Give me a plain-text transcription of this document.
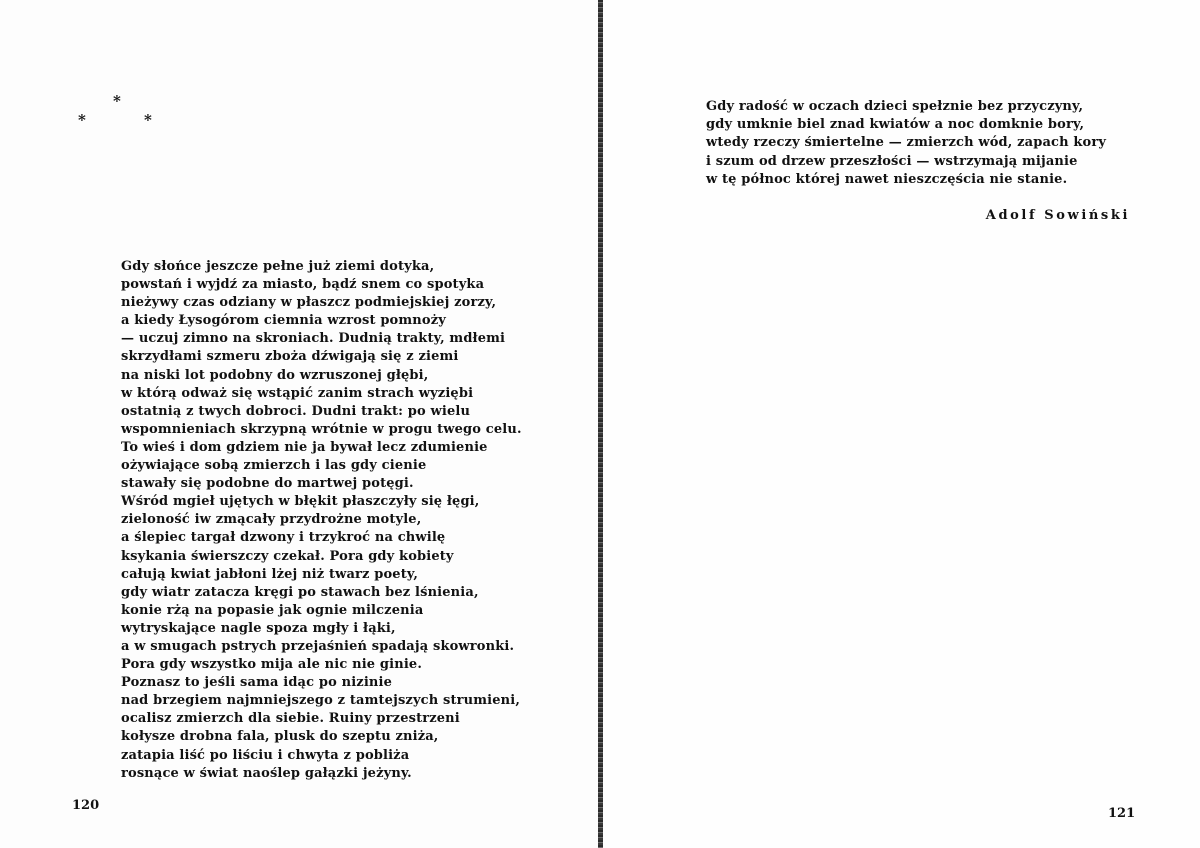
*
*	*
Gdy słońce jeszcze pełne już ziemi dotyka,
powstań i wyjdź za miasto, bądź snem co spotyka
nieżywy czas odziany w płaszcz podmiejskiej zorzy,
a kiedy Łysogórom ciemnia wzrost pomnoży
— uczuj zimno na skroniach. Dudnią trakty, mdłemi
skrzydłami szmeru zboża dźwigają się z ziemi
na niski lot podobny do wzruszonej głębi,
w którą odważ się wstąpić zanim strach wyziębi
ostatnią z twych dobroci. Dudni trakt: po wielu
wspomnieniach skrzypną wrótnie w progu twego celu.
To wieś i dom gdziem nie ja bywał lecz zdumienie
ożywiające sobą zmierzch i las gdy cienie
stawały się podobne do martwej potęgi.
Wśród mgieł ujętych w błękit płaszczyły się łęgi,
zieloność iw zmącały przydrożne motyle,
a ślepiec targał dzwony i trzykroć na chwilę
ksykania świerszczy czekał. Pora gdy kobiety
całują kwiat jabłoni lżej niż twarz poety,
gdy wiatr zatacza kręgi po stawach bez lśnienia,
konie rżą na popasie jak ognie milczenia
wytryskające nagle spoza mgły i łąki,
a w smugach pstrych przejaśnień spadają skowronki.
Pora gdy wszystko mija ale nic nie ginie.
Poznasz to jeśli sama idąc po nizinie
nad brzegiem najmniejszego z tamtejszych strumieni,
ocalisz zmierzch dla siebie. Ruiny przestrzeni
kołysze drobna fala, plusk do szeptu zniża,
zatapia liść po liściu i chwyta z pobliża
rosnące w świat naoślep gałązki jeżyny.
120
121
Gdy radość w oczach dzieci spełznie bez przyczyny,
gdy umknie biel znad kwiatów a noc domknie bory,
wtedy rzeczy śmiertelne — zmierzch wód, zapach kory
i szum od drzew przeszłości — wstrzymają mijanie
w tę północ której nawet nieszczęścia nie stanie.
Adolf Sowiński
